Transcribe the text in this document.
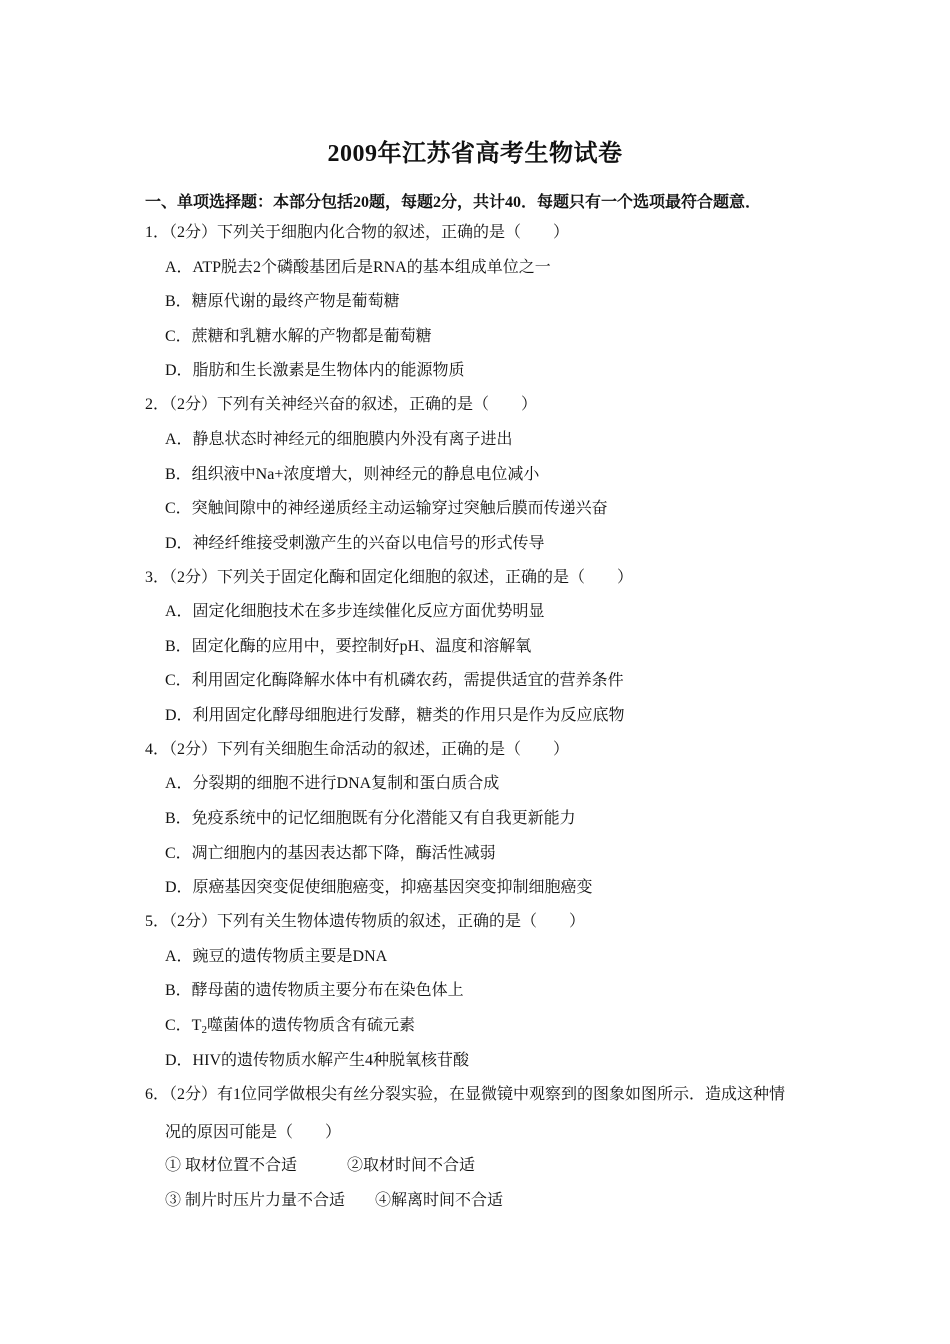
2009年江苏省高考生物试卷
一、单项选择题：本部分包括20题，每题2分，共计40．每题只有一个选项最符合题意．
1．（2分）下列关于细胞内化合物的叙述，正确的是（　　）
A．ATP脱去2个磷酸基团后是RNA的基本组成单位之一
B．糖原代谢的最终产物是葡萄糖
C．蔗糖和乳糖水解的产物都是葡萄糖
D．脂肪和生长激素是生物体内的能源物质
2．（2分）下列有关神经兴奋的叙述，正确的是（　　）
A．静息状态时神经元的细胞膜内外没有离子进出
B．组织液中Na+浓度增大，则神经元的静息电位减小
C．突触间隙中的神经递质经主动运输穿过突触后膜而传递兴奋
D．神经纤维接受刺激产生的兴奋以电信号的形式传导
3．（2分）下列关于固定化酶和固定化细胞的叙述，正确的是（　　）
A．固定化细胞技术在多步连续催化反应方面优势明显
B．固定化酶的应用中，要控制好pH、温度和溶解氧
C．利用固定化酶降解水体中有机磷农药，需提供适宜的营养条件
D．利用固定化酵母细胞进行发酵，糖类的作用只是作为反应底物
4．（2分）下列有关细胞生命活动的叙述，正确的是（　　）
A．分裂期的细胞不进行DNA复制和蛋白质合成
B．免疫系统中的记忆细胞既有分化潜能又有自我更新能力
C．凋亡细胞内的基因表达都下降，酶活性减弱
D．原癌基因突变促使细胞癌变，抑癌基因突变抑制细胞癌变
5．（2分）下列有关生物体遗传物质的叙述，正确的是（　　）
A．豌豆的遗传物质主要是DNA
B．酵母菌的遗传物质主要分布在染色体上
C．$T_2$噬菌体的遗传物质含有硫元素
D．HIV的遗传物质水解产生4种脱氧核苷酸
6．（2分）有1位同学做根尖有丝分裂实验，在显微镜中观察到的图象如图所示．造成这种情
况的原因可能是（　　）
① 取材位置不合适	②取材时间不合适
③ 制片时压片力量不合适 ④解离时间不合适
